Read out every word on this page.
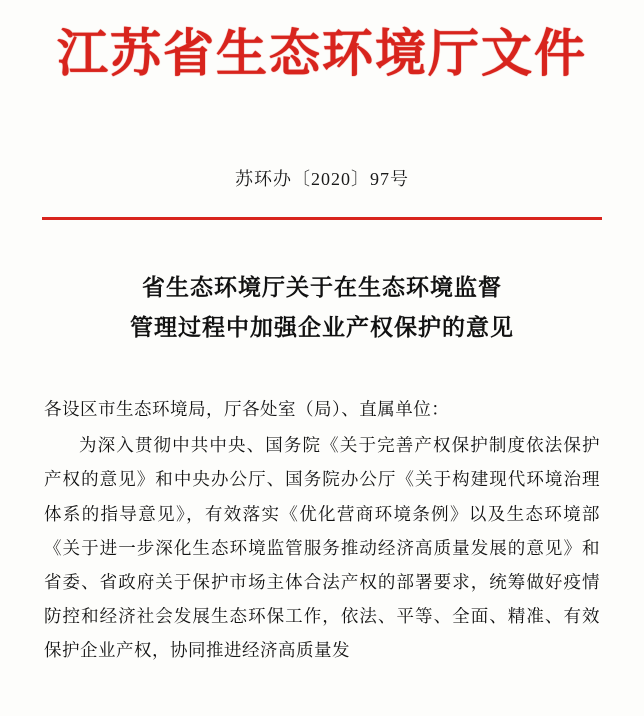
江苏省生态环境厅文件
苏环办〔2020〕97号
省生态环境厅关于在生态环境监督
管理过程中加强企业产权保护的意见
各设区市生态环境局，厅各处室（局）、直属单位：
为深入贯彻中共中央、国务院《关于完善产权保护制度依法保护产权的意见》和中央办公厅、国务院办公厅《关于构建现代环境治理体系的指导意见》，有效落实《优化营商环境条例》以及生态环境部《关于进一步深化生态环境监管服务推动经济高质量发展的意见》和省委、省政府关于保护市场主体合法产权的部署要求，统筹做好疫情防控和经济社会发展生态环保工作，依法、平等、全面、精准、有效保护企业产权，协同推进经济高质量发
